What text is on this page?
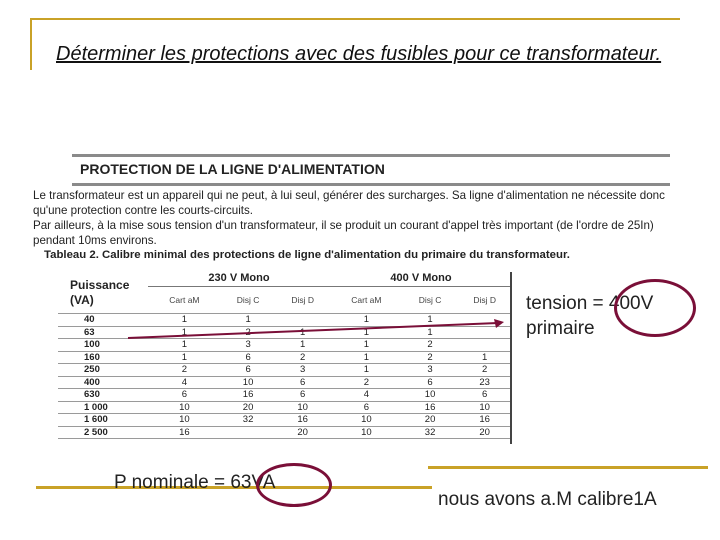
Déterminer les protections avec des fusibles pour ce transformateur.
PROTECTION DE LA LIGNE D'ALIMENTATION
Le transformateur est un appareil qui ne peut, à lui seul, générer des surcharges. Sa ligne d'alimentation ne nécessite donc qu'une protection contre les courts-circuits.
Par ailleurs, à la mise sous tension d'un transformateur, il se produit un courant d'appel très important (de l'ordre de 25In) pendant 10ms environs.
Tableau 2. Calibre minimal des protections de ligne d'alimentation du primaire du transformateur.
Puissance (VA)	230 V Mono			400 V Mono		
	Cart aM	Disj C	Disj D	Cart aM	Disj C	Disj D
40	1	1		1	1	
63	1	2	1	1	1	
100	1	3	1	1	2	
160	1	6	2	1	2	1
250	2	6	3	1	3	2
400	4	10	6	2	6	23
630	6	16	6	4	10	6
1 000	10	20	10	6	16	10
1 600	10	32	16	10	20	16
2 500	16		20	10	32	20
tension = 400V
primaire
P nominale = 63VA
nous avons a.M calibre1A
